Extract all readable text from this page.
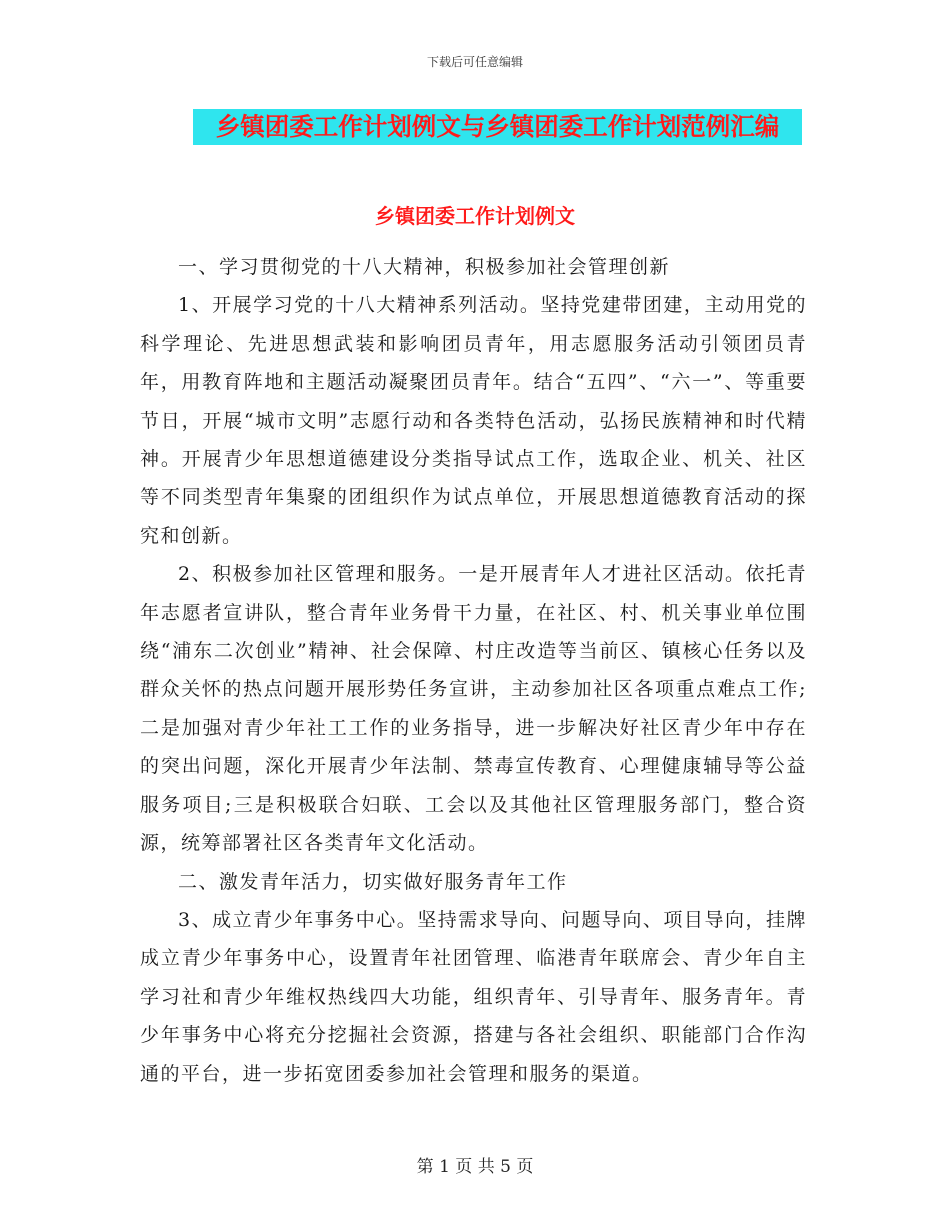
下载后可任意编辑
乡镇团委工作计划例文与乡镇团委工作计划范例汇编
乡镇团委工作计划例文

一、学习贯彻党的十八大精神，积极参加社会管理创新

1、开展学习党的十八大精神系列活动。坚持党建带团建，主动用党的科学理论、先进思想武装和影响团员青年，用志愿服务活动引领团员青年，用教育阵地和主题活动凝聚团员青年。结合“五四”、“六一”、等重要节日，开展“城市文明”志愿行动和各类特色活动，弘扬民族精神和时代精神。开展青少年思想道德建设分类指导试点工作，选取企业、机关、社区等不同类型青年集聚的团组织作为试点单位，开展思想道德教育活动的探究和创新。

2、积极参加社区管理和服务。一是开展青年人才进社区活动。依托青年志愿者宣讲队，整合青年业务骨干力量，在社区、村、机关事业单位围绕“浦东二次创业”精神、社会保障、村庄改造等当前区、镇核心任务以及群众关怀的热点问题开展形势任务宣讲，主动参加社区各项重点难点工作;二是加强对青少年社工工作的业务指导，进一步解决好社区青少年中存在的突出问题，深化开展青少年法制、禁毒宣传教育、心理健康辅导等公益服务项目;三是积极联合妇联、工会以及其他社区管理服务部门，整合资源，统筹部署社区各类青年文化活动。

二、激发青年活力，切实做好服务青年工作

3、成立青少年事务中心。坚持需求导向、问题导向、项目导向，挂牌成立青少年事务中心，设置青年社团管理、临港青年联席会、青少年自主学习社和青少年维权热线四大功能，组织青年、引导青年、服务青年。青少年事务中心将充分挖掘社会资源，搭建与各社会组织、职能部门合作沟通的平台，进一步拓宽团委参加社会管理和服务的渠道。

第 1 页 共 5 页
